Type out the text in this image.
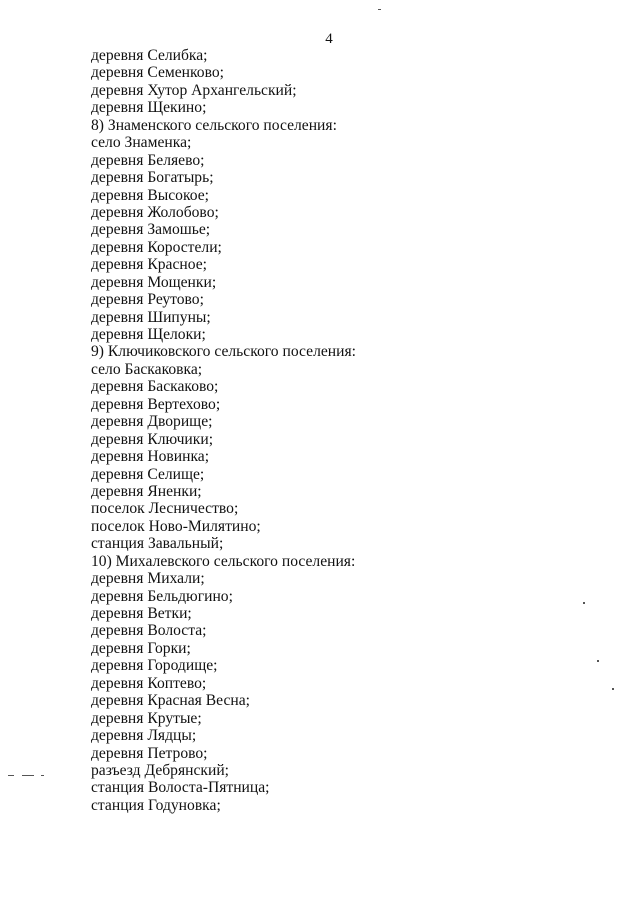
4
деревня Селибка;
деревня Семенково;
деревня Хутор Архангельский;
деревня Щекино;
8) Знаменского сельского поселения:
село Знаменка;
деревня Беляево;
деревня Богатырь;
деревня Высокое;
деревня Жолобово;
деревня Замошье;
деревня Коростели;
деревня Красное;
деревня Мощенки;
деревня Реутово;
деревня Шипуны;
деревня Щелоки;
9) Ключиковского сельского поселения:
село Баскаковка;
деревня Баскаково;
деревня Вертехово;
деревня Дворище;
деревня Ключики;
деревня Новинка;
деревня Селище;
деревня Яненки;
поселок Лесничество;
поселок Ново-Милятино;
станция Завальный;
10) Михалевского сельского поселения:
деревня Михали;
деревня Бельдюгино;
деревня Ветки;
деревня Волоста;
деревня Горки;
деревня Городище;
деревня Коптево;
деревня Красная Весна;
деревня Крутые;
деревня Лядцы;
деревня Петрово;
разъезд Дебрянский;
станция Волоста-Пятница;
станция Годуновка;
